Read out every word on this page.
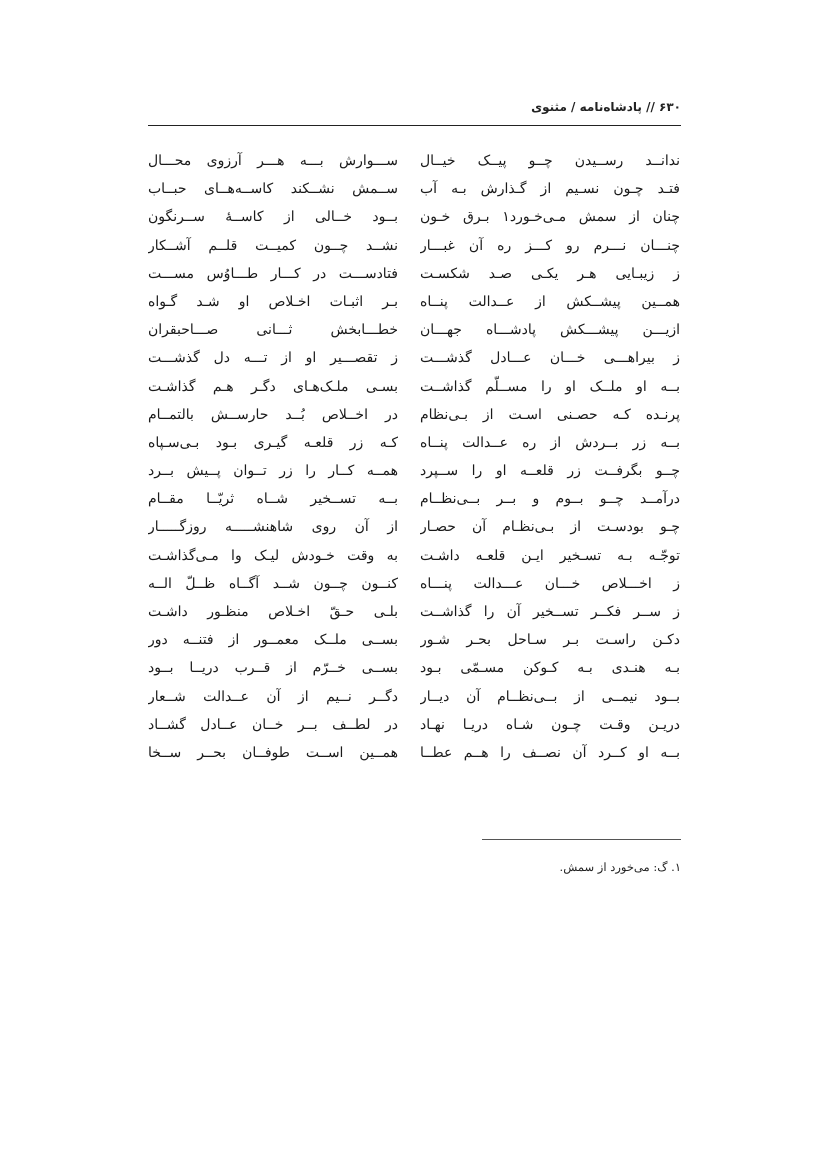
۶۳۰ // پادشاه‌نامه / مثنوی
ندانــد رســیدن چــو پیــک خیــال
فتـد چـون نسـیم از گـذارش بـه آب
چنان از سمش مـی‌خـورد۱ بـرق خـون
چنـــان نـــرم رو کـــز ره آن غبـــار
ز زیبـایی هـر یکـی صـد شکسـت
همــین پیشــکش از عــدالت پنــاه
ازیـــن پیشـــکش پادشـــاه جهـــان
ز بیراهـــی خـــان عـــادل گذشـــت
بــه او ملــک او را مســلّم گذاشــت
پرنـده کـه حصـنی اسـت از بـی‌نظام
بــه زر بــردش از ره عــدالت پنــاه
چــو بگرفــت زر قلعــه او را ســپرد
درآمــد چــو بــوم و بــر بــی‌نظــام
چـو بودسـت از بـی‌نظـام آن حصـار
توجّـه بـه تسـخیر ایـن قلعـه داشـت
ز اخـــلاص خـــان عـــدالت پنـــاه
ز ســر فکــر تســخیر آن را گذاشــت
دکـن راسـت بـر سـاحل بحـر شـور
بـه هنـدی بـه کـوکن مسـمّی بـود
بــود نیمــی از بــی‌نظــام آن دیــار
دریـن وقـت چـون شـاه دریـا نهـاد
بــه او کــرد آن نصــف را هــم عطــا
ســـوارش بـــه هـــر آرزوی محـــال
ســمش نشــکند کاســه‌هــای حبــاب
بــود خــالی از کاســۀ ســرنگون
نشــد چــون کمیــت قلــم آشــکار
فتادســـت در کـــار طـــاوُس مســـت
بـر اثبـات اخـلاص او شـد گـواه
خطـــابخش ثـــانی صـــاحبقران
ز تقصـــیر او از تـــه دل گذشـــت
بسـی ملـک‌هـای دگـر هـم گذاشـت
در اخــلاص بُــد حارســش بالتمــام
کـه زر قلعـه گیـری بـود بـی‌سـپاه
همــه کــار را زر تــوان پــیش بــرد
بــه تســخیر شــاه ثریّــا مقــام
از آن روی شاهنشـــــه روزگـــــار
به وقت خـودش لیـک وا مـی‌گذاشـت
کنــون چــون شــد آگــاه ظــلّ الــه
بلـی حـقّ اخـلاص منظـور داشـت
بســی ملــک معمــور از فتنــه دور
بســی خــرّم از قــرب دریــا بــود
دگــر نــیم از آن عــدالت شــعار
در لطــف بــر خــان عــادل گشــاد
همــین اســت طوفــان بحــر ســخا
۱. گ: می‌خورد از سمش.
